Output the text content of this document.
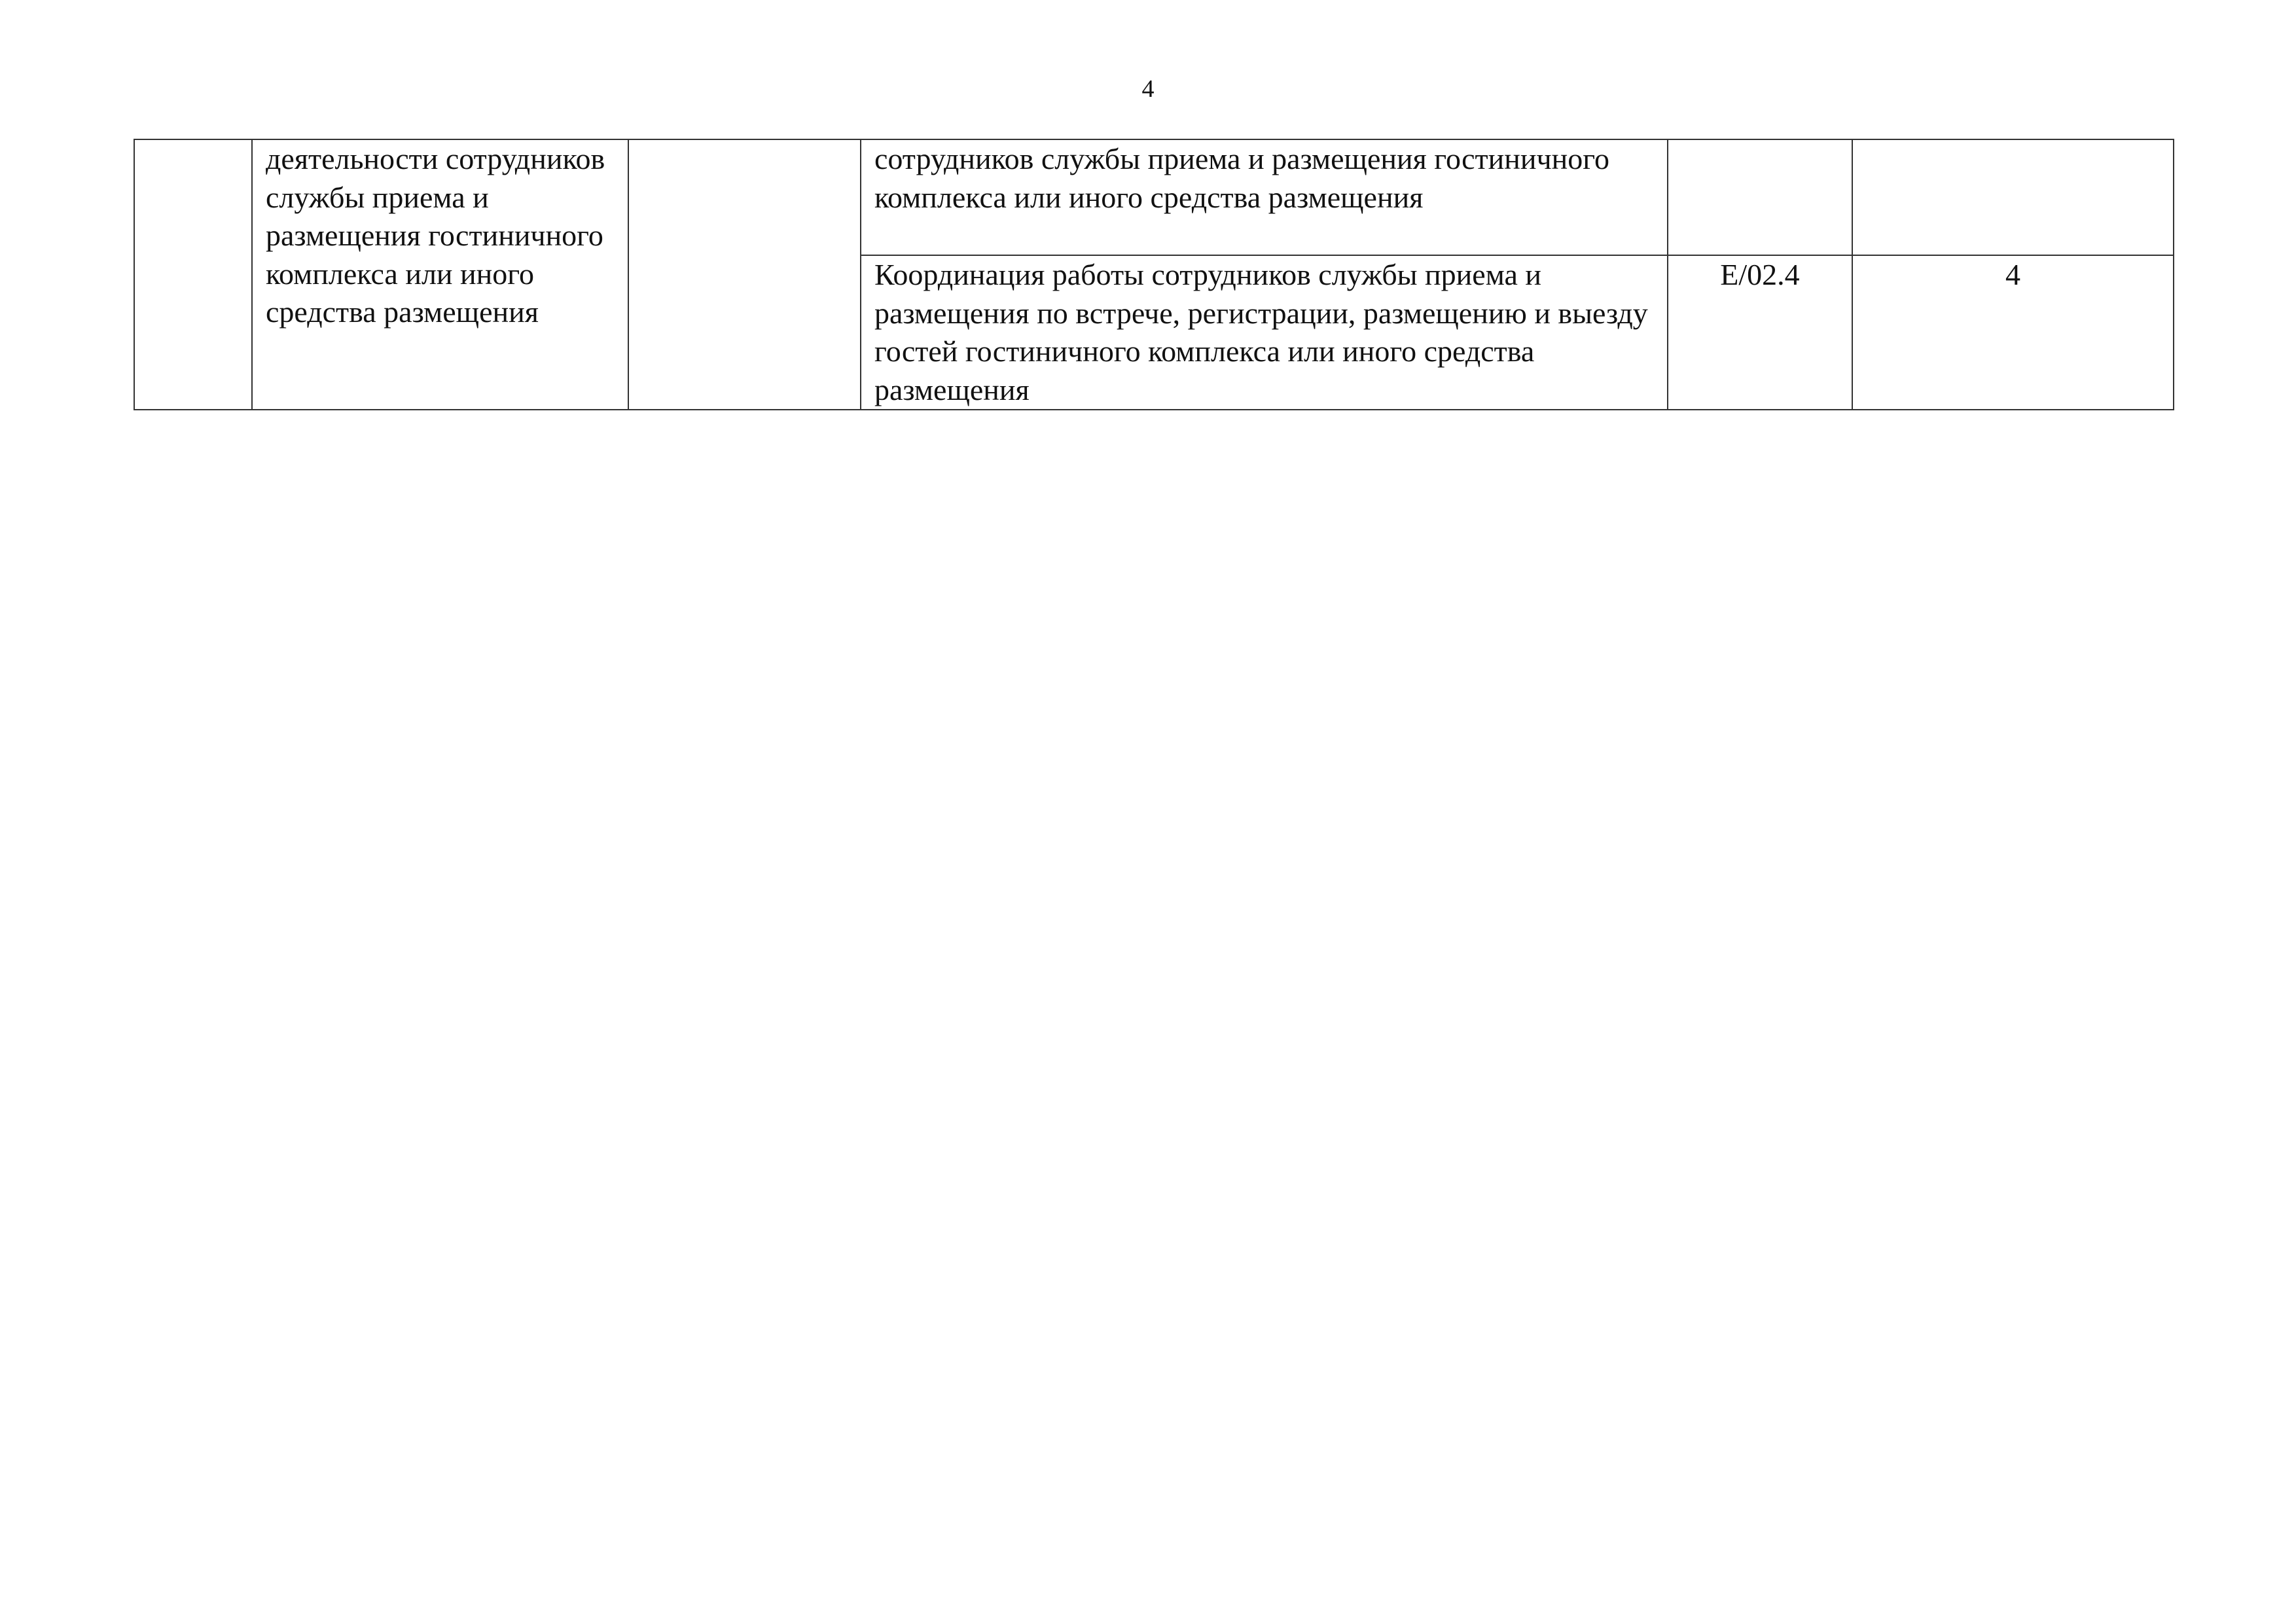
4
	деятельности сотрудников службы приема и размещения гостиничного комплекса или иного средства размещения		сотрудников службы приема и размещения гостиничного комплекса или иного средства размещения		
			Координация работы сотрудников службы приема и размещения по встрече, регистрации, размещению и выезду гостей гостиничного комплекса или иного средства размещения	E/02.4	4
